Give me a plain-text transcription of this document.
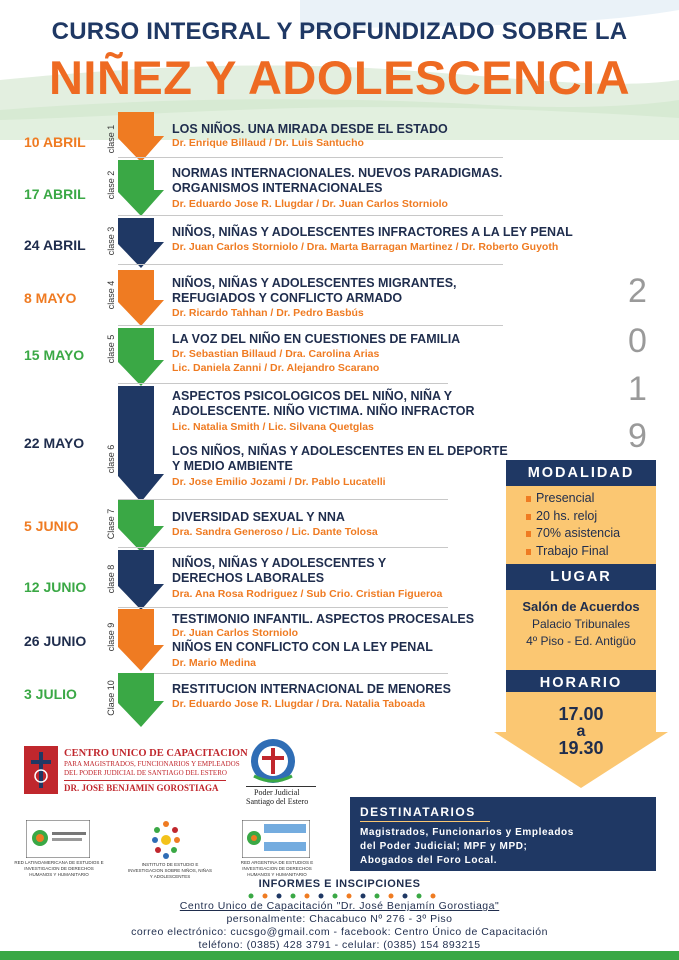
CURSO INTEGRAL Y PROFUNDIZADO SOBRE LA
NIÑEZ Y ADOLESCENCIA
10 ABRIL clase 1	LOS NIÑOS. UNA MIRADA DESDE EL ESTADO
Dr. Enrique Billaud / Dr. Luis Santucho
17 ABRIL clase 2	NORMAS INTERNACIONALES. NUEVOS PARADIGMAS.
ORGANISMOS INTERNACIONALES
Dr. Eduardo Jose R. Llugdar / Dr. Juan Carlos Storniolo
24 ABRIL clase 3	NIÑOS, NIÑAS Y ADOLESCENTES INFRACTORES A LA LEY PENAL
Dr. Juan Carlos Storniolo / Dra. Marta Barragan Martinez / Dr. Roberto Guyoth
8 MAYO	clase 4	NIÑOS, NIÑAS Y ADOLESCENTES MIGRANTES,
REFUGIADOS Y CONFLICTO ARMADO
Dr. Ricardo Tahhan / Dr. Pedro Basbús
15 MAYO clase 5	LA VOZ DEL NIÑO EN CUESTIONES DE FAMILIA
Dr. Sebastian Billaud / Dra. Carolina Arias
Lic. Daniela Zanni / Dr. Alejandro Scarano
22 MAYO
clase 6
ASPECTOS PSICOLOGICOS DEL NIÑO, NIÑA Y
ADOLESCENTE. NIÑO VICTIMA. NIÑO INFRACTOR
Lic. Natalia Smith / Lic. Silvana Quetglas
LOS NIÑOS, NIÑAS Y ADOLESCENTES EN EL DEPORTE
Y MEDIO AMBIENTE
Dr. Jose Emilio Jozami / Dr. Pablo Lucatelli
5 JUNIO	Clase 7	DIVERSIDAD SEXUAL Y NNA
Dra. Sandra Generoso / Lic. Dante Tolosa
12 JUNIO clase 8
NIÑOS, NIÑAS Y ADOLESCENTES Y
DERECHOS LABORALES
Dra. Ana Rosa Rodriguez / Sub Crio. Cristian Figueroa
26 JUNIO clase 9
TESTIMONIO INFANTIL. ASPECTOS PROCESALES
Dr. Juan Carlos Storniolo
NIÑOS EN CONFLICTO CON LA LEY PENAL
Dr. Mario Medina
3 JULIO	Clase 10	RESTITUCION INTERNACIONAL DE MENORES
Dr. Eduardo Jose R. Llugdar / Dra. Natalia Taboada
2
0
1
9
MODALIDAD
Presencial
20 hs. reloj
70% asistencia
Trabajo Final
LUGAR
Salón de Acuerdos
Palacio Tribunales
4º Piso - Ed. Antigüo
HORARIO
17.00
a
19.30
CENTRO UNICO DE CAPACITACION
PARA MAGISTRADOS, FUNCIONARIOS Y EMPLEADOS
DEL PODER JUDICIAL DE SANTIAGO DEL ESTERO
DR. JOSE BENJAMIN GOROSTIAGA	Poder Judicial
Santiago del Estero
RED LATINOAMERICANA DE ESTUDIOS E INVESTIGACION DE DERECHOS HUMANOS Y HUMANITARIO
INSTITUTO DE ESTUDIO E INVESTIGACION SOBRE NIÑOS, NIÑAS Y ADOLESCENTES
RED ARGENTINA DE ESTUDIOS E INVESTIGACION DE DERECHOS HUMANOS Y HUMANITARIO
DESTINATARIOS
Magistrados, Funcionarios y Empleados
del Poder Judicial; MPF y MPD;
Abogados del Foro Local.
INFORMES E INSCIPCIONES
Centro Unico de Capacitación "Dr. José Benjamín Gorostiaga"
personalmente: Chacabuco Nº 276 - 3º Piso
correo electrónico: cucsgo@gmail.com - facebook: Centro Único de Capacitación
teléfono: (0385) 428 3791 - celular: (0385) 154 893215
